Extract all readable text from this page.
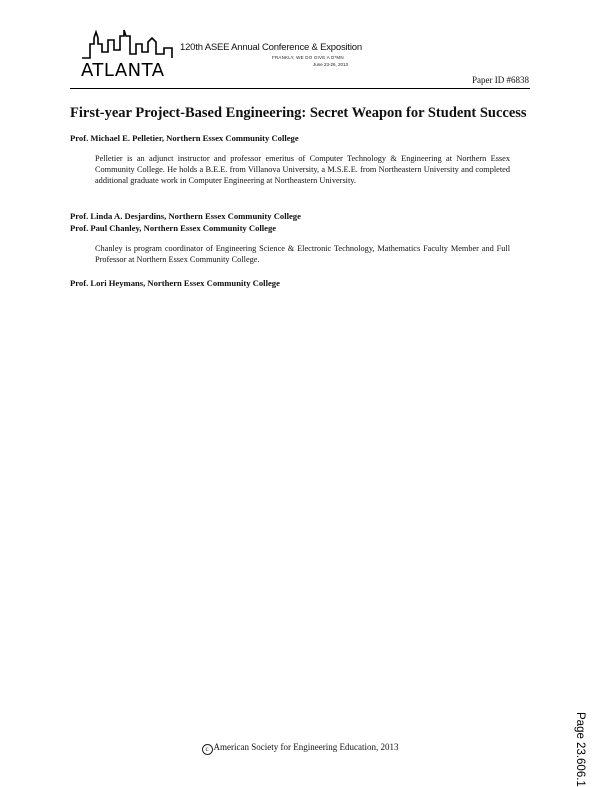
ATLANTA
120th ASEE Annual Conference & Exposition
FRANKLY, WE DO GIVE A D*MN
June 23-26, 2013
Paper ID #6838
First-year Project-Based Engineering: Secret Weapon for Student Success
Prof. Michael E. Pelletier, Northern Essex Community College
Pelletier is an adjunct instructor and professor emeritus of Computer Technology & Engineering at Northern Essex Community College. He holds a B.E.E. from Villanova University, a M.S.E.E. from Northeastern University and completed additional graduate work in Computer Engineering at Northeastern University.
Prof. Linda A. Desjardins, Northern Essex Community College
Prof. Paul Chanley, Northern Essex Community College
Chanley is program coordinator of Engineering Science & Electronic Technology, Mathematics Faculty Member and Full Professor at Northern Essex Community College.
Prof. Lori Heymans, Northern Essex Community College
c American Society for Engineering Education, 2013	Page 23.606.1
